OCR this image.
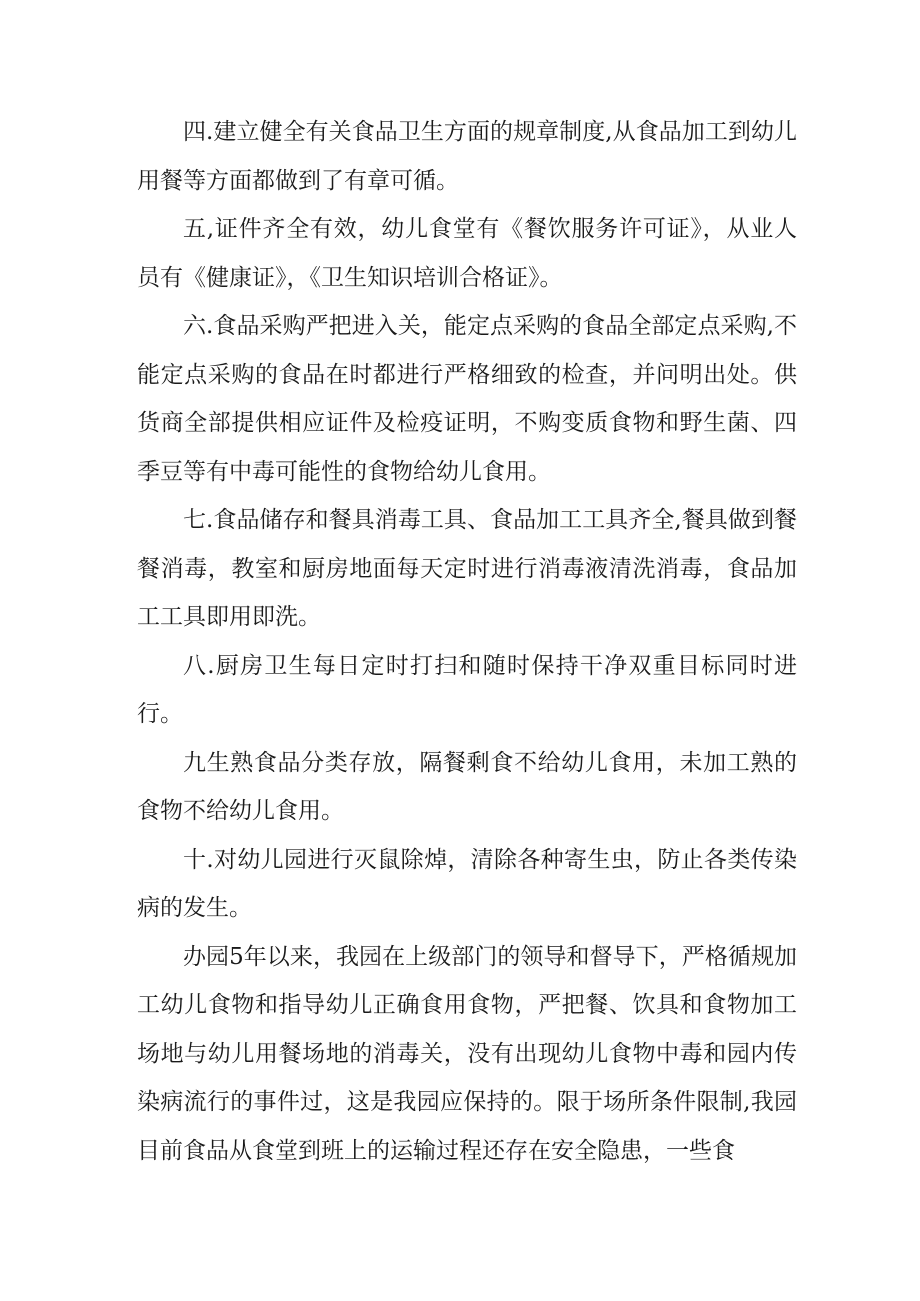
四.建立健全有关食品卫生方面的规章制度,从食品加工到幼儿用餐等方面都做到了有章可循。

五,证件齐全有效，幼儿食堂有《餐饮服务许可证》，从业人员有《健康证》，《卫生知识培训合格证》。

六.食品采购严把进入关，能定点采购的食品全部定点采购,不能定点采购的食品在时都进行严格细致的检查，并问明出处。供货商全部提供相应证件及检疫证明，不购变质食物和野生菌、四季豆等有中毒可能性的食物给幼儿食用。

七.食品储存和餐具消毒工具、食品加工工具齐全,餐具做到餐餐消毒，教室和厨房地面每天定时进行消毒液清洗消毒，食品加工工具即用即洗。

八.厨房卫生每日定时打扫和随时保持干净双重目标同时进行。

九生熟食品分类存放，隔餐剩食不给幼儿食用，未加工熟的食物不给幼儿食用。

十.对幼儿园进行灭鼠除焯，清除各种寄生虫，防止各类传染病的发生。

办园5年以来，我园在上级部门的领导和督导下，严格循规加工幼儿食物和指导幼儿正确食用食物，严把餐、饮具和食物加工场地与幼儿用餐场地的消毒关，没有出现幼儿食物中毒和园内传染病流行的事件过，这是我园应保持的。限于场所条件限制,我园目前食品从食堂到班上的运输过程还存在安全隐患，一些食
